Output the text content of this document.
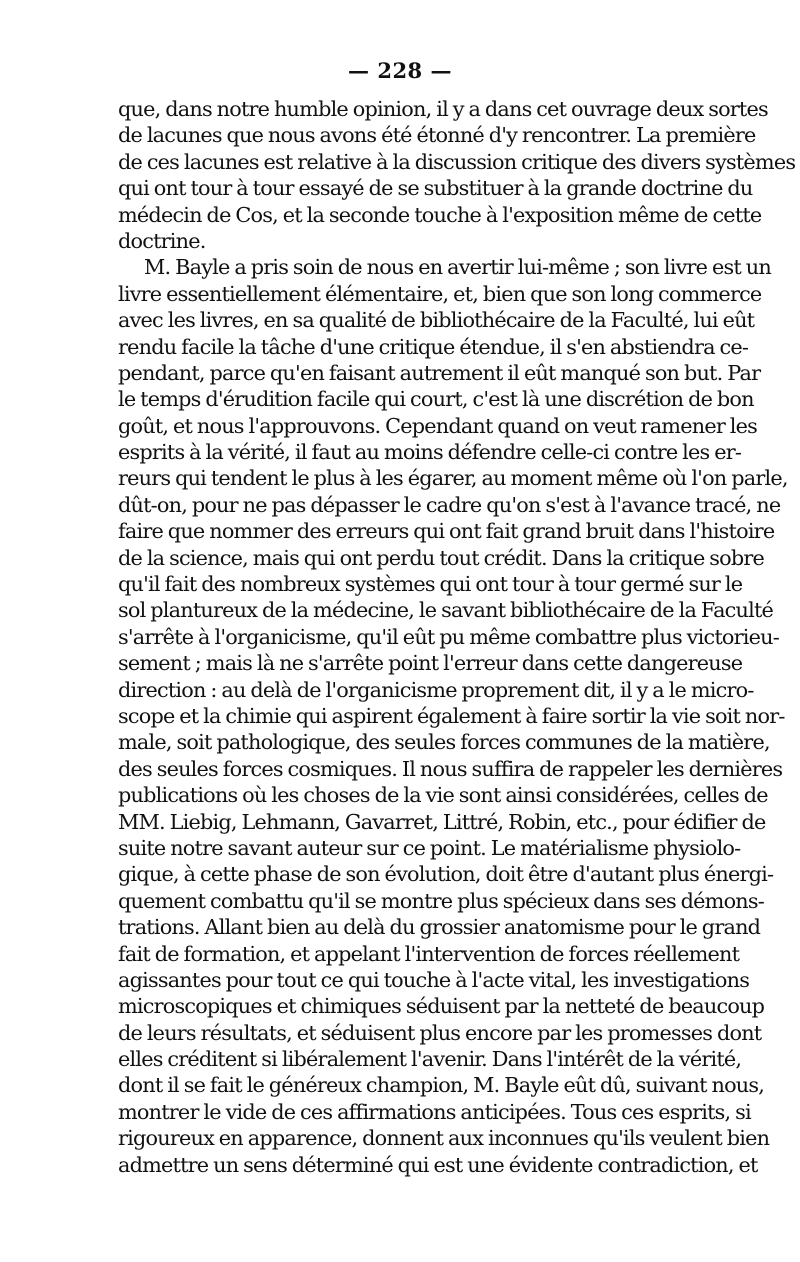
— 228 —
que, dans notre humble opinion, il y a dans cet ouvrage deux sortes
de lacunes que nous avons été étonné d'y rencontrer. La première
de ces lacunes est relative à la discussion critique des divers systèmes
qui ont tour à tour essayé de se substituer à la grande doctrine du
médecin de Cos, et la seconde touche à l'exposition même de cette
doctrine.
M. Bayle a pris soin de nous en avertir lui-même ; son livre est un
livre essentiellement élémentaire, et, bien que son long commerce
avec les livres, en sa qualité de bibliothécaire de la Faculté, lui eût
rendu facile la tâche d'une critique étendue, il s'en abstiendra ce-
pendant, parce qu'en faisant autrement il eût manqué son but. Par
le temps d'érudition facile qui court, c'est là une discrétion de bon
goût, et nous l'approuvons. Cependant quand on veut ramener les
esprits à la vérité, il faut au moins défendre celle-ci contre les er-
reurs qui tendent le plus à les égarer, au moment même où l'on parle,
dût-on, pour ne pas dépasser le cadre qu'on s'est à l'avance tracé, ne
faire que nommer des erreurs qui ont fait grand bruit dans l'histoire
de la science, mais qui ont perdu tout crédit. Dans la critique sobre
qu'il fait des nombreux systèmes qui ont tour à tour germé sur le
sol plantureux de la médecine, le savant bibliothécaire de la Faculté
s'arrête à l'organicisme, qu'il eût pu même combattre plus victorieu-
sement ; mais là ne s'arrête point l'erreur dans cette dangereuse
direction : au delà de l'organicisme proprement dit, il y a le micro-
scope et la chimie qui aspirent également à faire sortir la vie soit nor-
male, soit pathologique, des seules forces communes de la matière,
des seules forces cosmiques. Il nous suffira de rappeler les dernières
publications où les choses de la vie sont ainsi considérées, celles de
MM. Liebig, Lehmann, Gavarret, Littré, Robin, etc., pour édifier de
suite notre savant auteur sur ce point. Le matérialisme physiolo-
gique, à cette phase de son évolution, doit être d'autant plus énergi-
quement combattu qu'il se montre plus spécieux dans ses démons-
trations. Allant bien au delà du grossier anatomisme pour le grand
fait de formation, et appelant l'intervention de forces réellement
agissantes pour tout ce qui touche à l'acte vital, les investigations
microscopiques et chimiques séduisent par la netteté de beaucoup
de leurs résultats, et séduisent plus encore par les promesses dont
elles créditent si libéralement l'avenir. Dans l'intérêt de la vérité,
dont il se fait le généreux champion, M. Bayle eût dû, suivant nous,
montrer le vide de ces affirmations anticipées. Tous ces esprits, si
rigoureux en apparence, donnent aux inconnues qu'ils veulent bien
admettre un sens déterminé qui est une évidente contradiction, et
